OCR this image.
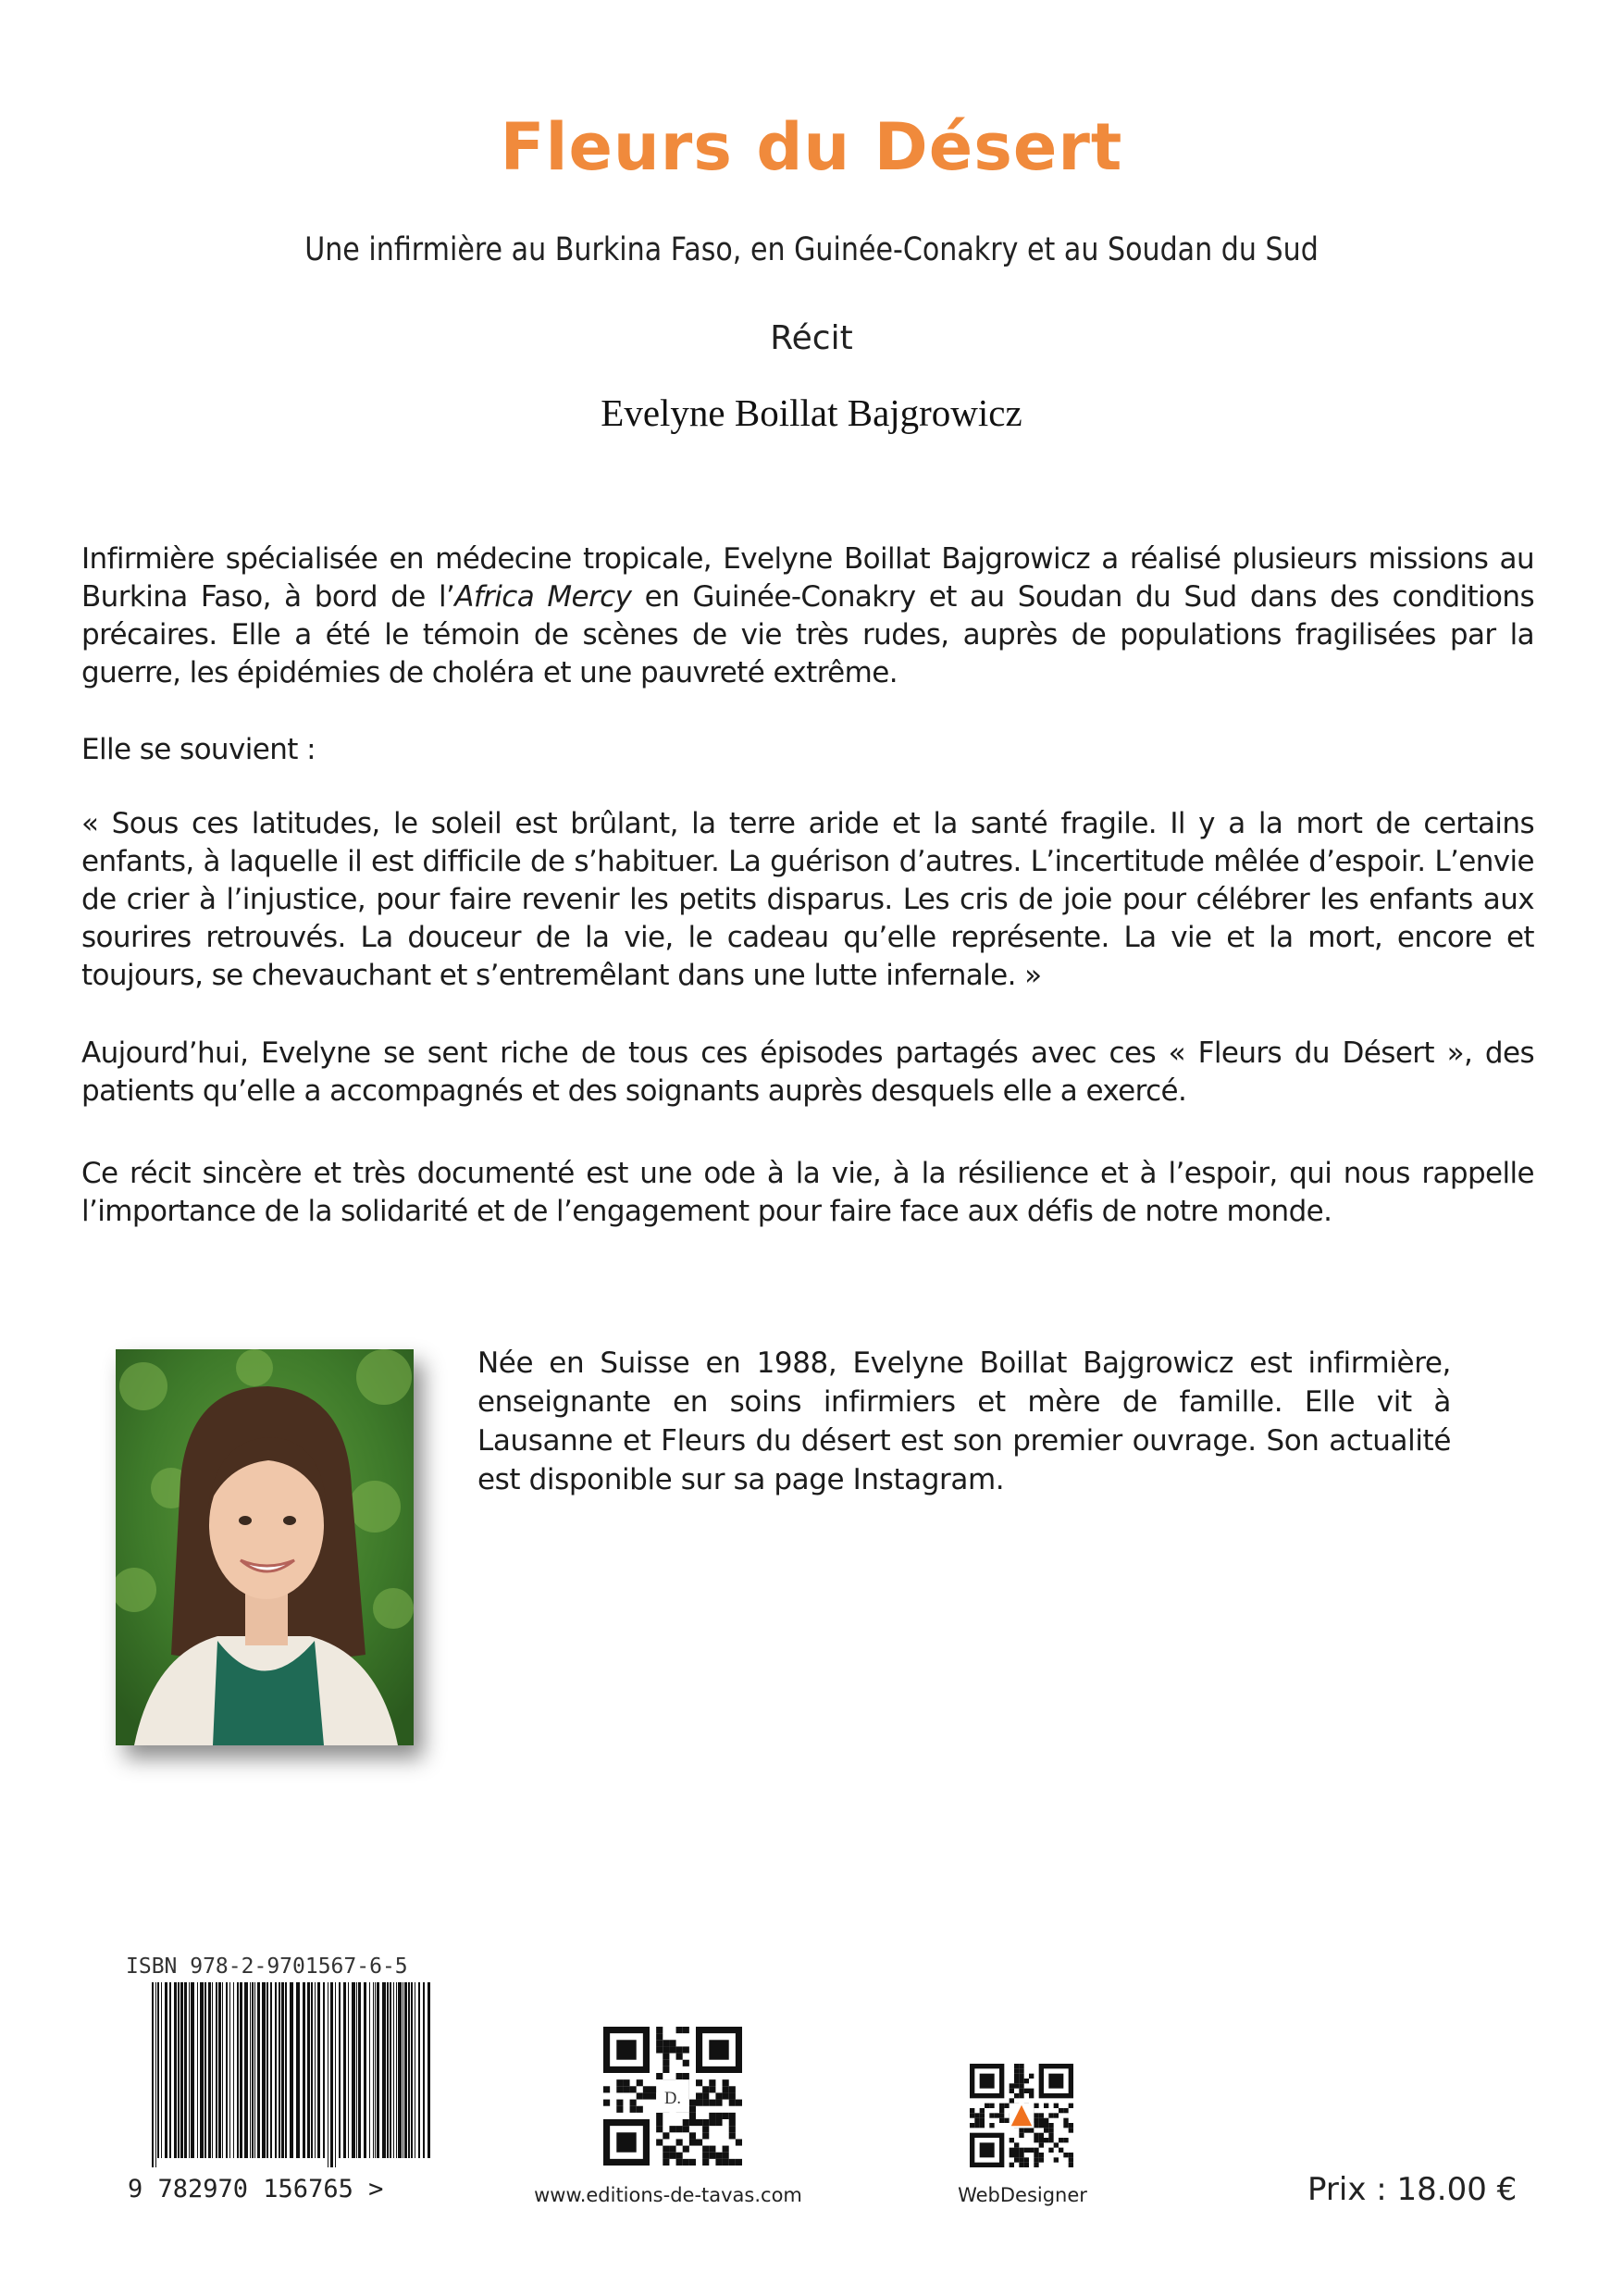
Fleurs du Désert
Une infirmière au Burkina Faso, en Guinée-Conakry et au Soudan du Sud
Récit
Evelyne Boillat Bajgrowicz
Infirmière spécialisée en médecine tropicale, Evelyne Boillat Bajgrowicz a réalisé plusieurs missions au Burkina Faso, à bord de l’Africa Mercy en Guinée-Conakry et au Soudan du Sud dans des conditions précaires. Elle a été le témoin de scènes de vie très rudes, auprès de populations fragilisées par la guerre, les épidémies de choléra et une pauvreté extrême.
Elle se souvient :
« Sous ces latitudes, le soleil est brûlant, la terre aride et la santé fragile. Il y a la mort de certains enfants, à laquelle il est difficile de s’habituer. La guérison d’autres. L’incertitude mêlée d’espoir. L’envie de crier à l’injustice, pour faire revenir les petits disparus. Les cris de joie pour célébrer les enfants aux sourires retrouvés. La douceur de la vie, le cadeau qu’elle représente. La vie et la mort, encore et toujours, se chevauchant et s’entremêlant dans une lutte infernale. »
Aujourd’hui, Evelyne se sent riche de tous ces épisodes partagés avec ces « Fleurs du Désert », des patients qu’elle a accompagnés et des soignants auprès desquels elle a exercé.
Ce récit sincère et très documenté est une ode à la vie, à la résilience et à l’espoir, qui nous rappelle l’importance de la solidarité et de l’engagement pour faire face aux défis de notre monde.
Née en Suisse en 1988, Evelyne Boillat Bajgrowicz est infirmière, enseignante en soins infirmiers et mère de famille. Elle vit à Lausanne et Fleurs du désert est son premier ouvrage. Son actualité est disponible sur sa page Instagram.
ISBN 978-2-9701567-6-5
9 782970 156765 >
D.
www.editions-de-tavas.com	WebDesigner	Prix : 18.00 €
